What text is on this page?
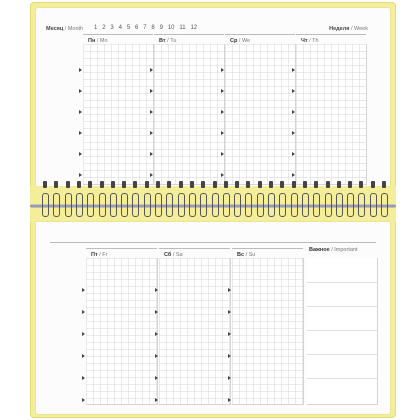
Месяц / Month 1 2 3 4 5 6 7 8 9 10 11 12	Неделя / Week
Пн / Mo	Вт / Tu	Ср / We	Чт / Th
Пт / Fr	Сб / Sa	Вс / Su
Важное / Important
